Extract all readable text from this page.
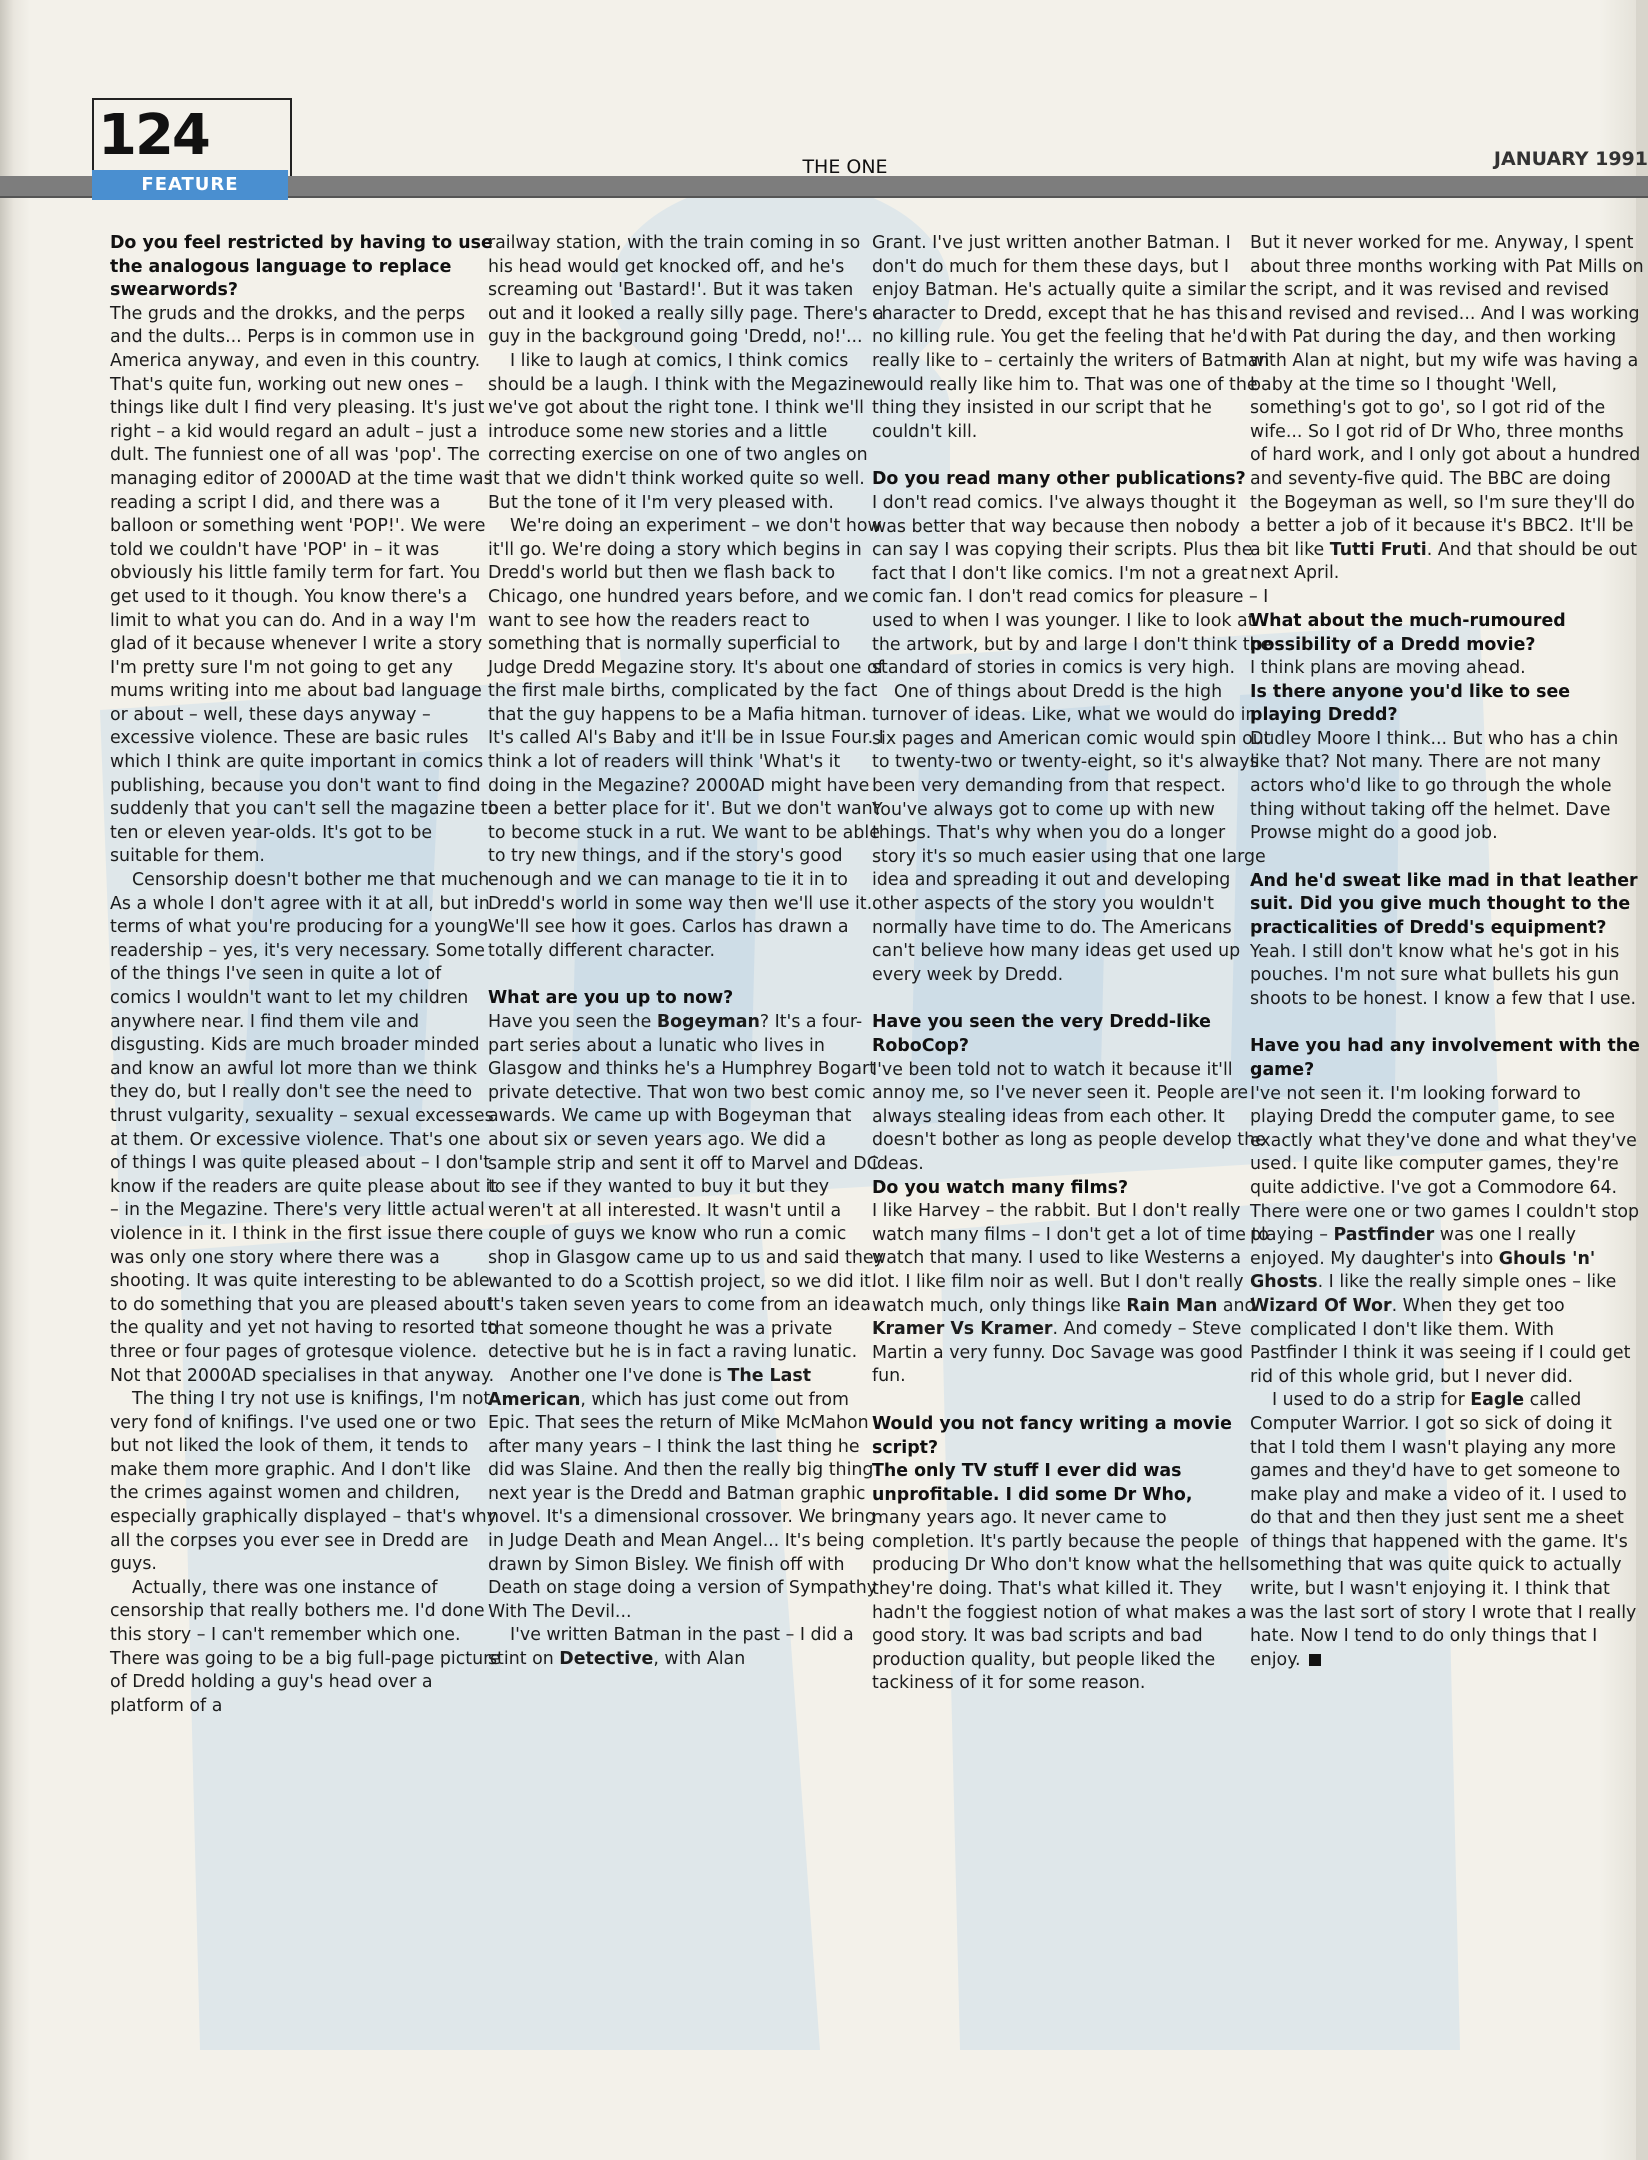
124
FEATURE
THE ONE	JANUARY 1991
Do you feel restricted by having to use the analogous language to replace swearwords?

The gruds and the drokks, and the perps and the dults... Perps is in common use in America anyway, and even in this country. That's quite fun, working out new ones – things like dult I find very pleasing. It's just right – a kid would regard an adult – just a dult. The funniest one of all was 'pop'. The managing editor of 2000AD at the time was reading a script I did, and there was a balloon or something went 'POP!'. We were told we couldn't have 'POP' in – it was obviously his little family term for fart. You get used to it though. You know there's a limit to what you can do. And in a way I'm glad of it because whenever I write a story I'm pretty sure I'm not going to get any mums writing into me about bad language or about – well, these days anyway – excessive violence. These are basic rules which I think are quite important in comics publishing, because you don't want to find suddenly that you can't sell the magazine to ten or eleven year-olds. It's got to be suitable for them.

Censorship doesn't bother me that much. As a whole I don't agree with it at all, but in terms of what you're producing for a young readership – yes, it's very necessary. Some of the things I've seen in quite a lot of comics I wouldn't want to let my children anywhere near. I find them vile and disgusting. Kids are much broader minded and know an awful lot more than we think they do, but I really don't see the need to thrust vulgarity, sexuality – sexual excesses at them. Or excessive violence. That's one of things I was quite pleased about – I don't know if the readers are quite please about it – in the Megazine. There's very little actual violence in it. I think in the first issue there was only one story where there was a shooting. It was quite interesting to be able to do something that you are pleased about the quality and yet not having to resorted to three or four pages of grotesque violence. Not that 2000AD specialises in that anyway.

The thing I try not use is knifings, I'm not very fond of knifings. I've used one or two but not liked the look of them, it tends to make them more graphic. And I don't like the crimes against women and children, especially graphically displayed – that's why all the corpses you ever see in Dredd are guys.

Actually, there was one instance of censorship that really bothers me. I'd done this story – I can't remember which one. There was going to be a big full-page picture of Dredd holding a guy's head over a platform of a

railway station, with the train coming in so his head would get knocked off, and he's screaming out 'Bastard!'. But it was taken out and it looked a really silly page. There's a guy in the background going 'Dredd, no!'...

I like to laugh at comics, I think comics should be a laugh. I think with the Megazine we've got about the right tone. I think we'll introduce some new stories and a little correcting exercise on one of two angles on it that we didn't think worked quite so well. But the tone of it I'm very pleased with.

We're doing an experiment – we don't how it'll go. We're doing a story which begins in Dredd's world but then we flash back to Chicago, one hundred years before, and we want to see how the readers react to something that is normally superficial to Judge Dredd Megazine story. It's about one of the first male births, complicated by the fact that the guy happens to be a Mafia hitman. It's called Al's Baby and it'll be in Issue Four. I think a lot of readers will think 'What's it doing in the Megazine? 2000AD might have been a better place for it'. But we don't want to become stuck in a rut. We want to be able to try new things, and if the story's good enough and we can manage to tie it in to Dredd's world in some way then we'll use it. We'll see how it goes. Carlos has drawn a totally different character.

What are you up to now?

Have you seen the Bogeyman? It's a four-part series about a lunatic who lives in Glasgow and thinks he's a Humphrey Bogart private detective. That won two best comic awards. We came up with Bogeyman that about six or seven years ago. We did a sample strip and sent it off to Marvel and DC to see if they wanted to buy it but they weren't at all interested. It wasn't until a couple of guys we know who run a comic shop in Glasgow came up to us and said they wanted to do a Scottish project, so we did it. It's taken seven years to come from an idea that someone thought he was a private detective but he is in fact a raving lunatic.

Another one I've done is The Last American, which has just come out from Epic. That sees the return of Mike McMahon after many years – I think the last thing he did was Slaine. And then the really big thing next year is the Dredd and Batman graphic novel. It's a dimensional crossover. We bring in Judge Death and Mean Angel... It's being drawn by Simon Bisley. We finish off with Death on stage doing a version of Sympathy With The Devil...

I've written Batman in the past – I did a stint on Detective, with Alan

Grant. I've just written another Batman. I don't do much for them these days, but I enjoy Batman. He's actually quite a similar character to Dredd, except that he has this no killing rule. You get the feeling that he'd really like to – certainly the writers of Batman would really like him to. That was one of the thing they insisted in our script that he couldn't kill.

Do you read many other publications?

I don't read comics. I've always thought it was better that way because then nobody can say I was copying their scripts. Plus the fact that I don't like comics. I'm not a great comic fan. I don't read comics for pleasure – I used to when I was younger. I like to look at the artwork, but by and large I don't think the standard of stories in comics is very high.

One of things about Dredd is the high turnover of ideas. Like, what we would do in six pages and American comic would spin out to twenty-two or twenty-eight, so it's always been very demanding from that respect. You've always got to come up with new things. That's why when you do a longer story it's so much easier using that one large idea and spreading it out and developing other aspects of the story you wouldn't normally have time to do. The Americans can't believe how many ideas get used up every week by Dredd.

Have you seen the very Dredd-like RoboCop?

I've been told not to watch it because it'll annoy me, so I've never seen it. People are always stealing ideas from each other. It doesn't bother as long as people develop the ideas.

Do you watch many films?

I like Harvey – the rabbit. But I don't really watch many films – I don't get a lot of time to watch that many. I used to like Westerns a lot. I like film noir as well. But I don't really watch much, only things like Rain Man and Kramer Vs Kramer. And comedy – Steve Martin a very funny. Doc Savage was good fun.

Would you not fancy writing a movie script?
The only TV stuff I ever did was unprofitable. I did some Dr Who,

many years ago. It never came to completion. It's partly because the people producing Dr Who don't know what the hell they're doing. That's what killed it. They hadn't the foggiest notion of what makes a good story. It was bad scripts and bad production quality, but people liked the tackiness of it for some reason.

But it never worked for me. Anyway, I spent about three months working with Pat Mills on the script, and it was revised and revised and revised and revised... And I was working with Pat during the day, and then working with Alan at night, but my wife was having a baby at the time so I thought 'Well, something's got to go', so I got rid of the wife... So I got rid of Dr Who, three months of hard work, and I only got about a hundred and seventy-five quid. The BBC are doing the Bogeyman as well, so I'm sure they'll do a better a job of it because it's BBC2. It'll be a bit like Tutti Fruti. And that should be out next April.

What about the much-rumoured possibility of a Dredd movie?

I think plans are moving ahead.

Is there anyone you'd like to see playing Dredd?

Dudley Moore I think... But who has a chin like that? Not many. There are not many actors who'd like to go through the whole thing without taking off the helmet. Dave Prowse might do a good job.

And he'd sweat like mad in that leather suit. Did you give much thought to the practicalities of Dredd's equipment?

Yeah. I still don't know what he's got in his pouches. I'm not sure what bullets his gun shoots to be honest. I know a few that I use.

Have you had any involvement with the game?

I've not seen it. I'm looking forward to playing Dredd the computer game, to see exactly what they've done and what they've used. I quite like computer games, they're quite addictive. I've got a Commodore 64. There were one or two games I couldn't stop playing – Pastfinder was one I really enjoyed. My daughter's into Ghouls 'n' Ghosts. I like the really simple ones – like Wizard Of Wor. When they get too complicated I don't like them. With Pastfinder I think it was seeing if I could get rid of this whole grid, but I never did.

I used to do a strip for Eagle called Computer Warrior. I got so sick of doing it that I told them I wasn't playing any more games and they'd have to get someone to make play and make a video of it. I used to do that and then they just sent me a sheet of things that happened with the game. It's something that was quite quick to actually write, but I wasn't enjoying it. I think that was the last sort of story I wrote that I really hate. Now I tend to do only things that I enjoy.
